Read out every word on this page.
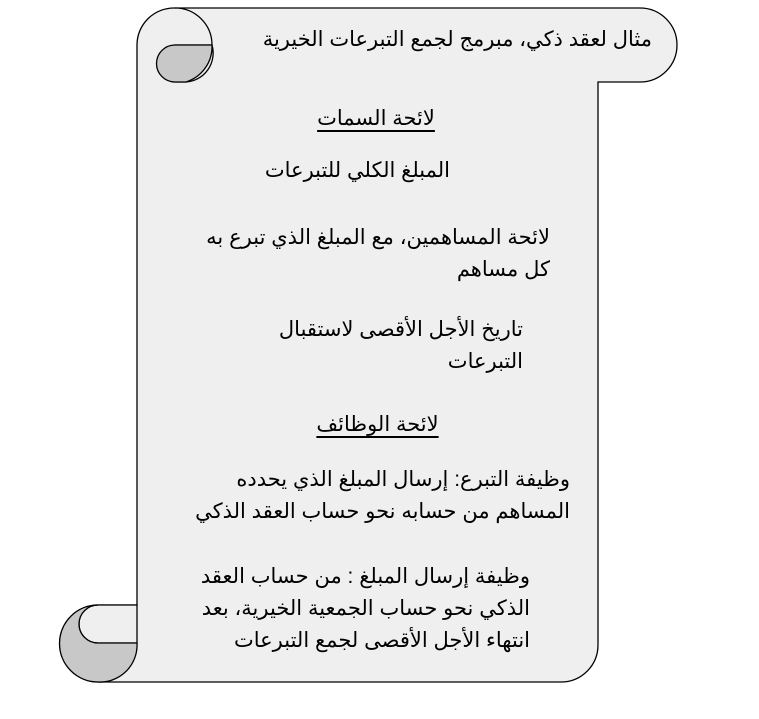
مثال لعقد ذكي، مبرمج لجمع التبرعات الخيرية
لائحة السمات
المبلغ الكلي للتبرعات
لائحة المساهمين، مع المبلغ الذي تبرع به كل مساهم
تاريخ الأجل الأقصى لاستقبال التبرعات
لائحة الوظائف
وظيفة التبرع: إرسال المبلغ الذي يحدده المساهم من حسابه نحو حساب العقد الذكي
وظيفة إرسال المبلغ : من حساب العقد الذكي نحو حساب الجمعية الخيرية، بعد انتهاء الأجل الأقصى لجمع التبرعات
